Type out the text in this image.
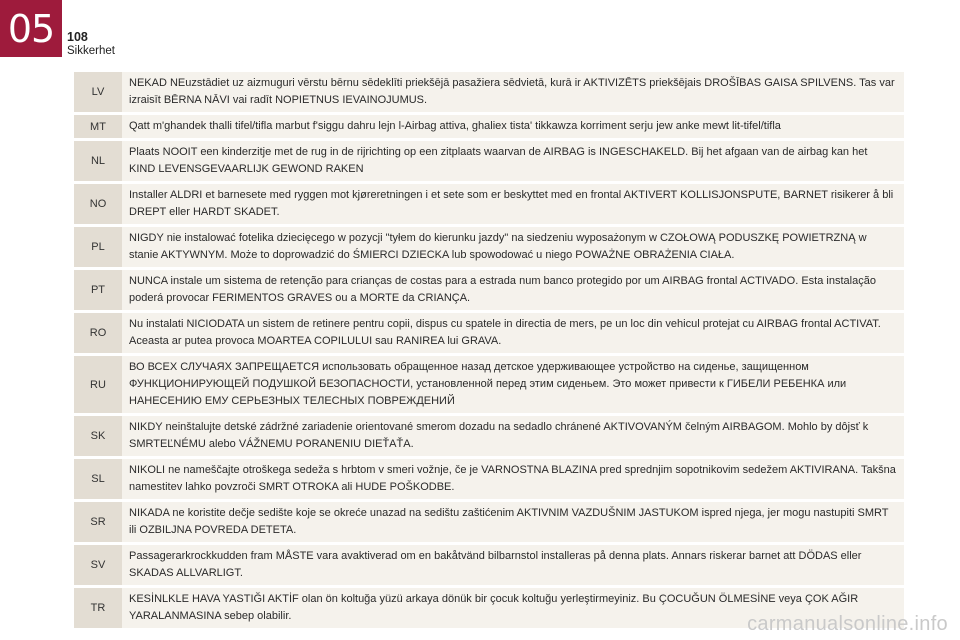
05	108
Sikkerhet
LV	NEKAD NEuzstādiet uz aizmuguri vērstu bērnu sēdeklīti priekšējā pasažiera sēdvietā, kurā ir AKTIVIZĒTS priekšējais DROŠĪBAS GAISA SPILVENS. Tas var izraisīt BĒRNA NĀVI vai radīt NOPIETNUS IEVAINOJUMUS.
MT	Qatt m'ghandek thalli tifel/tifla marbut f'siggu dahru lejn l-Airbag attiva, ghaliex tista' tikkawza korriment serju jew anke mewt lit-tifel/tifla
NL	Plaats NOOIT een kinderzitje met de rug in de rijrichting op een zitplaats waarvan de AIRBAG is INGESCHAKELD. Bij het afgaan van de airbag kan het KIND LEVENSGEVAARLIJK GEWOND RAKEN
NO	Installer ALDRI et barnesete med ryggen mot kjøreretningen i et sete som er beskyttet med en frontal AKTIVERT KOLLISJONSPUTE, BARNET risikerer å bli DREPT eller HARDT SKADET.
PL	NIGDY nie instalować fotelika dziecięcego w pozycji "tyłem do kierunku jazdy" na siedzeniu wyposażonym w CZOŁOWĄ PODUSZKĘ POWIETRZNĄ w stanie AKTYWNYM. Może to doprowadzić do ŚMIERCI DZIECKA lub spowodować u niego POWAŻNE OBRAŻENIA CIAŁA.
PT	NUNCA instale um sistema de retenção para crianças de costas para a estrada num banco protegido por um AIRBAG frontal ACTIVADO. Esta instalação poderá provocar FERIMENTOS GRAVES ou a MORTE da CRIANÇA.
RO	Nu instalati NICIODATA un sistem de retinere pentru copii, dispus cu spatele in directia de mers, pe un loc din vehicul protejat cu AIRBAG frontal ACTIVAT. Aceasta ar putea provoca MOARTEA COPILULUI sau RANIREA lui GRAVA.
RU	ВО ВСЕХ СЛУЧАЯХ ЗАПРЕЩАЕТСЯ использовать обращенное назад детское удерживающее устройство на сиденье, защищенном ФУНКЦИОНИРУЮЩЕЙ ПОДУШКОЙ БЕЗОПАСНОСТИ, установленной перед этим сиденьем. Это может привести к ГИБЕЛИ РЕБЕНКА или НАНЕСЕНИЮ ЕМУ СЕРЬЕЗНЫХ ТЕЛЕСНЫХ ПОВРЕЖДЕНИЙ
SK	NIKDY neinštalujte detské zádržné zariadenie orientované smerom dozadu na sedadlo chránené AKTIVOVANÝM čelným AIRBAGOM. Mohlo by dôjsť k SMRTEĽNÉMU alebo VÁŽNEMU PORANENIU DIEŤAŤA.
SL	NIKOLI ne nameščajte otroškega sedeža s hrbtom v smeri vožnje, če je VARNOSTNA BLAZINA pred sprednjim sopotnikovim sedežem AKTIVIRANA. Takšna namestitev lahko povzroči SMRT OTROKA ali HUDE POŠKODBE.
SR	NIKADA ne koristite dečje sedište koje se okreće unazad na sedištu zaštićenim AKTIVNIM VAZDUŠNIM JASTUKOM ispred njega, jer mogu nastupiti SMRT ili OZBILJNA POVREDA DETETA.
SV	Passagerarkrockkudden fram MÅSTE vara avaktiverad om en bakåtvänd bilbarnstol installeras på denna plats. Annars riskerar barnet att DÖDAS eller SKADAS ALLVARLIGT.
TR	KESİNLKLE HAVA YASTIĞI AKTİF olan ön koltuğa yüzü arkaya dönük bir çocuk koltuğu yerleştirmeyiniz. Bu ÇOCUĞUN ÖLMESİNE veya ÇOK AĞIR YARALANMASINA sebep olabilir.	carmanualsonline.info
